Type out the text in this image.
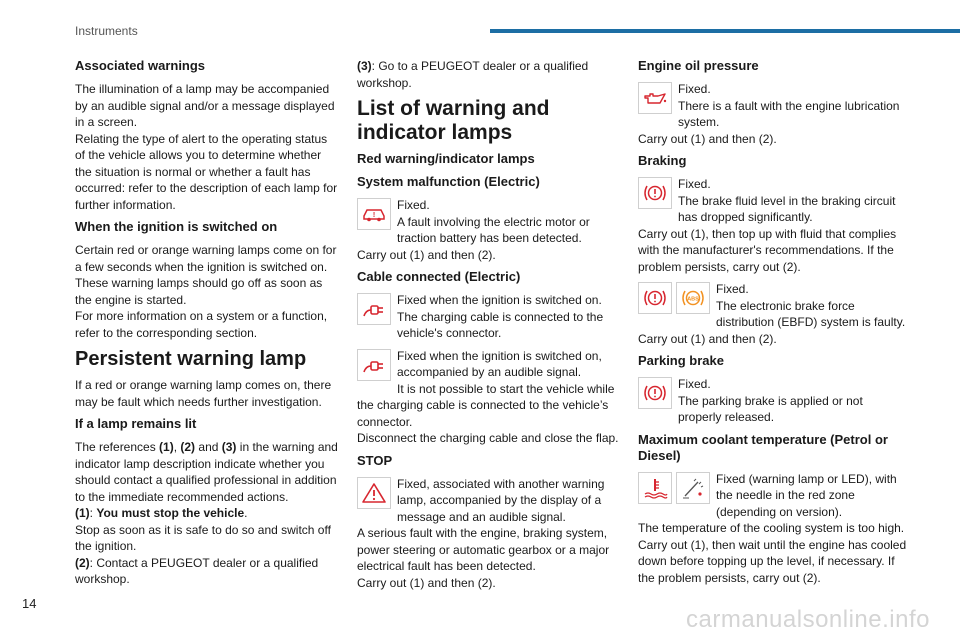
Instruments
Associated warnings

The illumination of a lamp may be accompanied by an audible signal and/or a message displayed in a screen.

Relating the type of alert to the operating status of the vehicle allows you to determine whether the situation is normal or whether a fault has occurred: refer to the description of each lamp for further information.

When the ignition is switched on

Certain red or orange warning lamps come on for a few seconds when the ignition is switched on. These warning lamps should go off as soon as the engine is started.

For more information on a system or a function, refer to the corresponding section.

Persistent warning lamp

If a red or orange warning lamp comes on, there may be fault which needs further investigation.

If a lamp remains lit

The references (1), (2) and (3) in the warning and indicator lamp description indicate whether you should contact a qualified professional in addition to the immediate recommended actions.

(1): You must stop the vehicle.

Stop as soon as it is safe to do so and switch off the ignition.

(2): Contact a PEUGEOT dealer or a qualified workshop.

(3): Go to a PEUGEOT dealer or a qualified workshop.

List of warning and indicator lamps
Red warning/indicator lamps
System malfunction (Electric)
!

Fixed.

A fault involving the electric motor or traction battery has been detected.

Carry out (1) and then (2).

Cable connected (Electric)

Fixed when the ignition is switched on.

The charging cable is connected to the vehicle's connector.

Fixed when the ignition is switched on, accompanied by an audible signal.

It is not possible to start the vehicle while the charging cable is connected to the vehicle’s connector.

Disconnect the charging cable and close the flap.

STOP

Fixed, associated with another warning lamp, accompanied by the display of a message and an audible signal.

A serious fault with the engine, braking system, power steering or automatic gearbox or a major electrical fault has been detected.

Carry out (1) and then (2).

Engine oil pressure

Fixed.

There is a fault with the engine lubrication system.

Carry out (1) and then (2).

Braking

Fixed.

The brake fluid level in the braking circuit has dropped significantly.

Carry out (1), then top up with fluid that complies with the manufacturer's recommendations. If the problem persists, carry out (2).

ABS

Fixed.

The electronic brake force distribution (EBFD) system is faulty.

Carry out (1) and then (2).

Parking brake

Fixed.

The parking brake is applied or not properly released.

Maximum coolant temperature (Petrol or Diesel)

Fixed (warning lamp or LED), with the needle in the red zone (depending on version).

The temperature of the cooling system is too high.

Carry out (1), then wait until the engine has cooled down before topping up the level, if necessary. If the problem persists, carry out (2).

14
carmanualsonline.info
